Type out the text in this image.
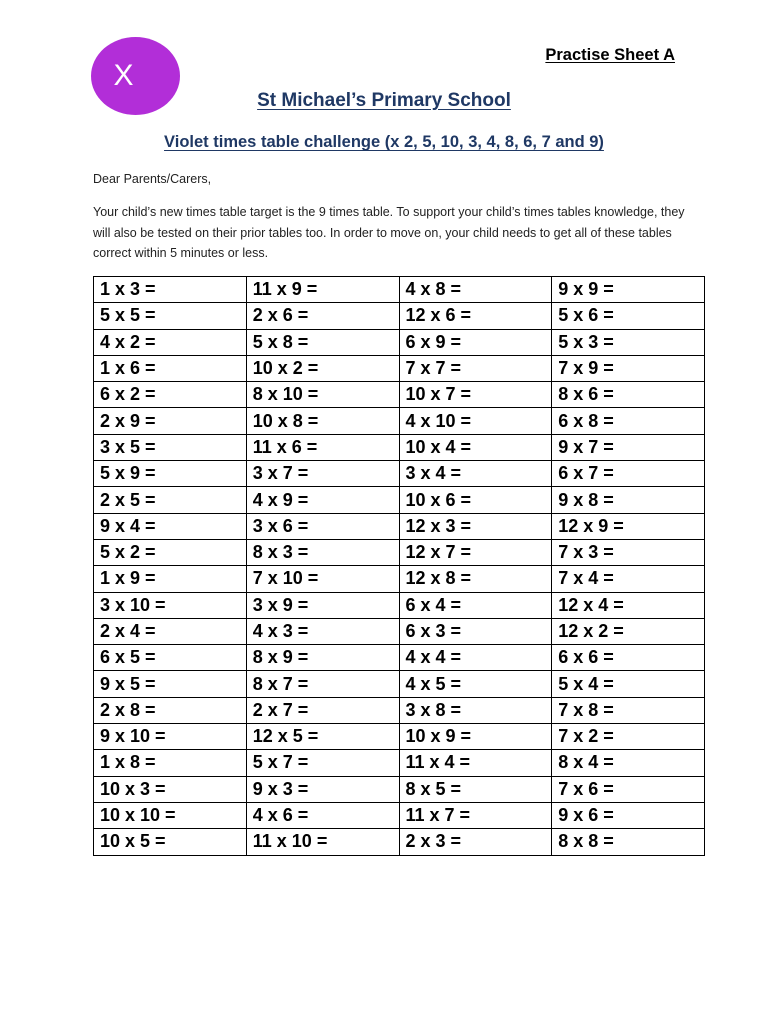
X
Practise Sheet A
St Michael’s Primary School
Violet times table challenge (x 2, 5, 10, 3, 4, 8, 6, 7 and 9)
Dear Parents/Carers,
Your child’s new times table target is the 9 times table. To support your child’s times tables knowledge, they will also be tested on their prior tables too. In order to move on, your child needs to get all of these tables correct within 5 minutes or less.
1 x 3 =	11 x 9 =	4 x 8 =	9 x 9 =
5 x 5 =	2 x 6 =	12 x 6 =	5 x 6 =
4 x 2 =	5 x 8 =	6 x 9 =	5 x 3 =
1 x 6 =	10 x 2 =	7 x 7 =	7 x 9 =
6 x 2 =	8 x 10 =	10 x 7 =	8 x 6 =
2 x 9 =	10 x 8 =	4 x 10 =	6 x 8 =
3 x 5 =	11 x 6 =	10 x 4 =	9 x 7 =
5 x 9 =	3 x 7 =	3 x 4 =	6 x 7 =
2 x 5 =	4 x 9 =	10 x 6 =	9 x 8 =
9 x 4 =	3 x 6 =	12 x 3 =	12 x 9 =
5 x 2 =	8 x 3 =	12 x 7 =	7 x 3 =
1 x 9 =	7 x 10 =	12 x 8 =	7 x 4 =
3 x 10 =	3 x 9 =	6 x 4 =	12 x 4 =
2 x 4 =	4 x 3 =	6 x 3 =	12 x 2 =
6 x 5 =	8 x 9 =	4 x 4 =	6 x 6 =
9 x 5 =	8 x 7 =	4 x 5 =	5 x 4 =
2 x 8 =	2 x 7 =	3 x 8 =	7 x 8 =
9 x 10 =	12 x 5 =	10 x 9 =	7 x 2 =
1 x 8 =	5 x 7 =	11 x 4 =	8 x 4 =
10 x 3 =	9 x 3 =	8 x 5 =	7 x 6 =
10 x 10 =	4 x 6 =	11 x 7 =	9 x 6 =
10 x 5 =	11 x 10 =	2 x 3 =	8 x 8 =
